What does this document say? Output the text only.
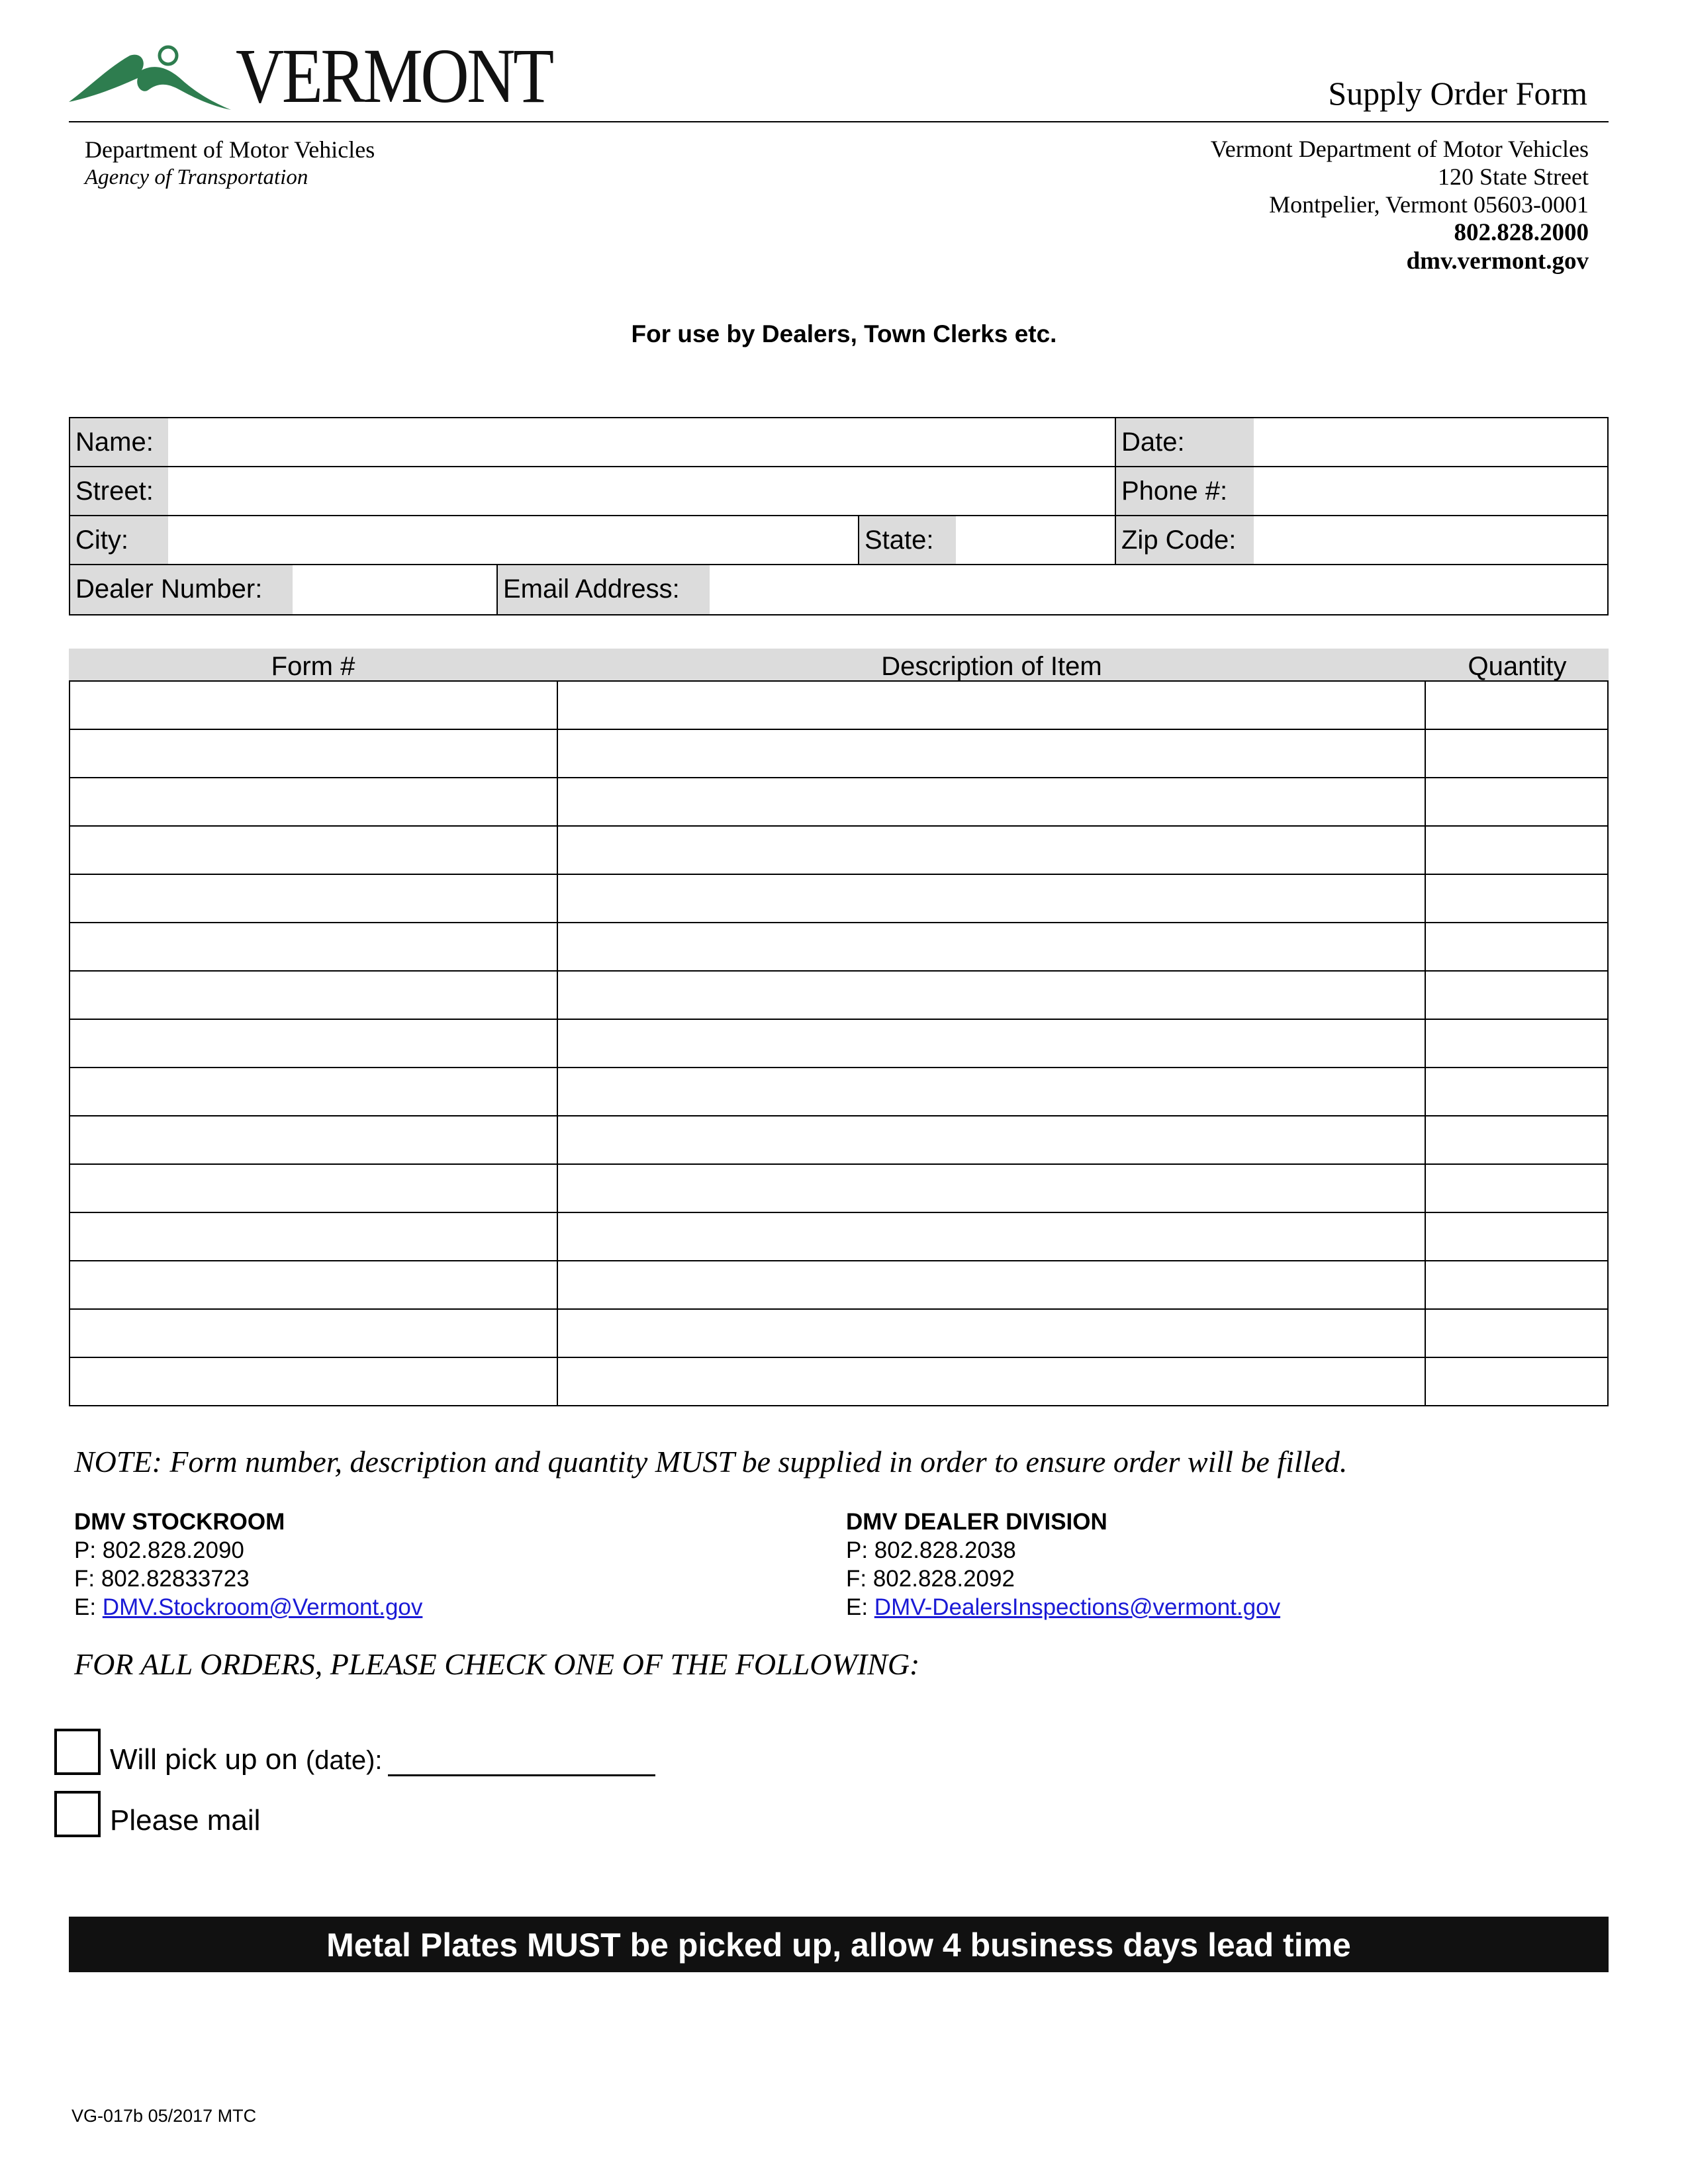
VERMONT	Supply Order Form
Department of Motor Vehicles
Agency of Transportation
Vermont Department of Motor Vehicles
120 State Street
Montpelier, Vermont 05603-0001
802.828.2000
dmv.vermont.gov
For use by Dealers, Town Clerks etc.
Name:	Date:
Street:	Phone #:
City:	State:	Zip Code:
Dealer Number:	Email Address:
Form #	Description of Item	Quantity

NOTE: Form number, description and quantity MUST be supplied in order to ensure order will be filled.
DMV STOCKROOM
P: 802.828.2090
F: 802.82833723
E: DMV.Stockroom@Vermont.gov
DMV DEALER DIVISION
P: 802.828.2038
F: 802.828.2092
E: DMV-DealersInspections@vermont.gov
FOR ALL ORDERS, PLEASE CHECK ONE OF THE FOLLOWING:
Will pick up on (date):
Please mail
Metal Plates MUST be picked up, allow 4 business days lead time
VG-017b 05/2017 MTC
